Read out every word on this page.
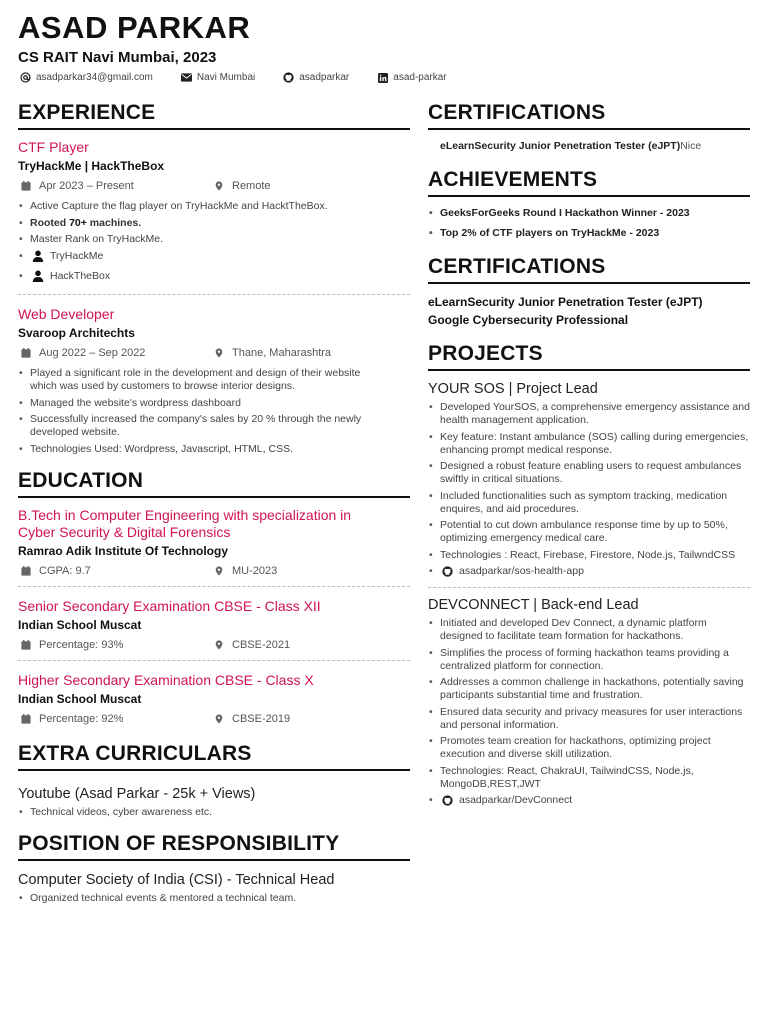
ASAD PARKAR
CS RAIT Navi Mumbai, 2023
asadparkar34@gmail.com	Navi Mumbai	asadparkar	asad-parkar
EXPERIENCE
CTF Player
TryHackMe | HackTheBox
Apr 2023 – Present	Remote
• Active Capture the flag player on TryHackMe and HacktTheBox.
• Rooted 70+ machines.
• Master Rank on TryHackMe.
• TryHackMe
• HackTheBox
Web Developer
Svaroop Architechts
Aug 2022 – Sep 2022	Thane, Maharashtra
• Played a significant role in the development and design of their website which was used by customers to browse interior designs.
• Managed the website's wordpress dashboard
• Successfully increased the company's sales by 20 % through the newly developed website.
• Technologies Used: Wordpress, Javascript, HTML, CSS.
EDUCATION
B.Tech in Computer Engineering with specialization in Cyber Security & Digital Forensics
Ramrao Adik Institute Of Technology
CGPA: 9.7	MU-2023
Senior Secondary Examination CBSE - Class XII
Indian School Muscat
Percentage: 93%	CBSE-2021
Higher Secondary Examination CBSE - Class X
Indian School Muscat
Percentage: 92%	CBSE-2019
EXTRA CURRICULARS
Youtube (Asad Parkar - 25k + Views)
• Technical videos, cyber awareness etc.
POSITION OF RESPONSIBILITY
Computer Society of India (CSI) - Technical Head
• Organized technical events & mentored a technical team.
CERTIFICATIONS
eLearnSecurity Junior Penetration Tester (eJPT)Nice
ACHIEVEMENTS
• GeeksForGeeks Round I Hackathon Winner - 2023
• Top 2% of CTF players on TryHackMe - 2023
CERTIFICATIONS
eLearnSecurity Junior Penetration Tester (eJPT)
Google Cybersecurity Professional
PROJECTS
YOUR SOS | Project Lead
• Developed YourSOS, a comprehensive emergency assistance and health management application.
• Key feature: Instant ambulance (SOS) calling during emergencies, enhancing prompt medical response.
• Designed a robust feature enabling users to request ambulances swiftly in critical situations.
• Included functionalities such as symptom tracking, medication enquires, and aid procedures.
• Potential to cut down ambulance response time by up to 50%, optimizing emergency medical care.
• Technologies : React, Firebase, Firestore, Node.js, TailwndCSS
• asadparkar/sos-health-app
DEVCONNECT | Back-end Lead
• Initiated and developed Dev Connect, a dynamic platform designed to facilitate team formation for hackathons.
• Simplifies the process of forming hackathon teams providing a centralized platform for connection.
• Addresses a common challenge in hackathons, potentially saving participants substantial time and frustration.
• Ensured data security and privacy measures for user interactions and personal information.
• Promotes team creation for hackathons, optimizing project execution and diverse skill utilization.
• Technologies: React, ChakraUI, TailwindCSS, Node.js, MongoDB,REST,JWT
• asadparkar/DevConnect
